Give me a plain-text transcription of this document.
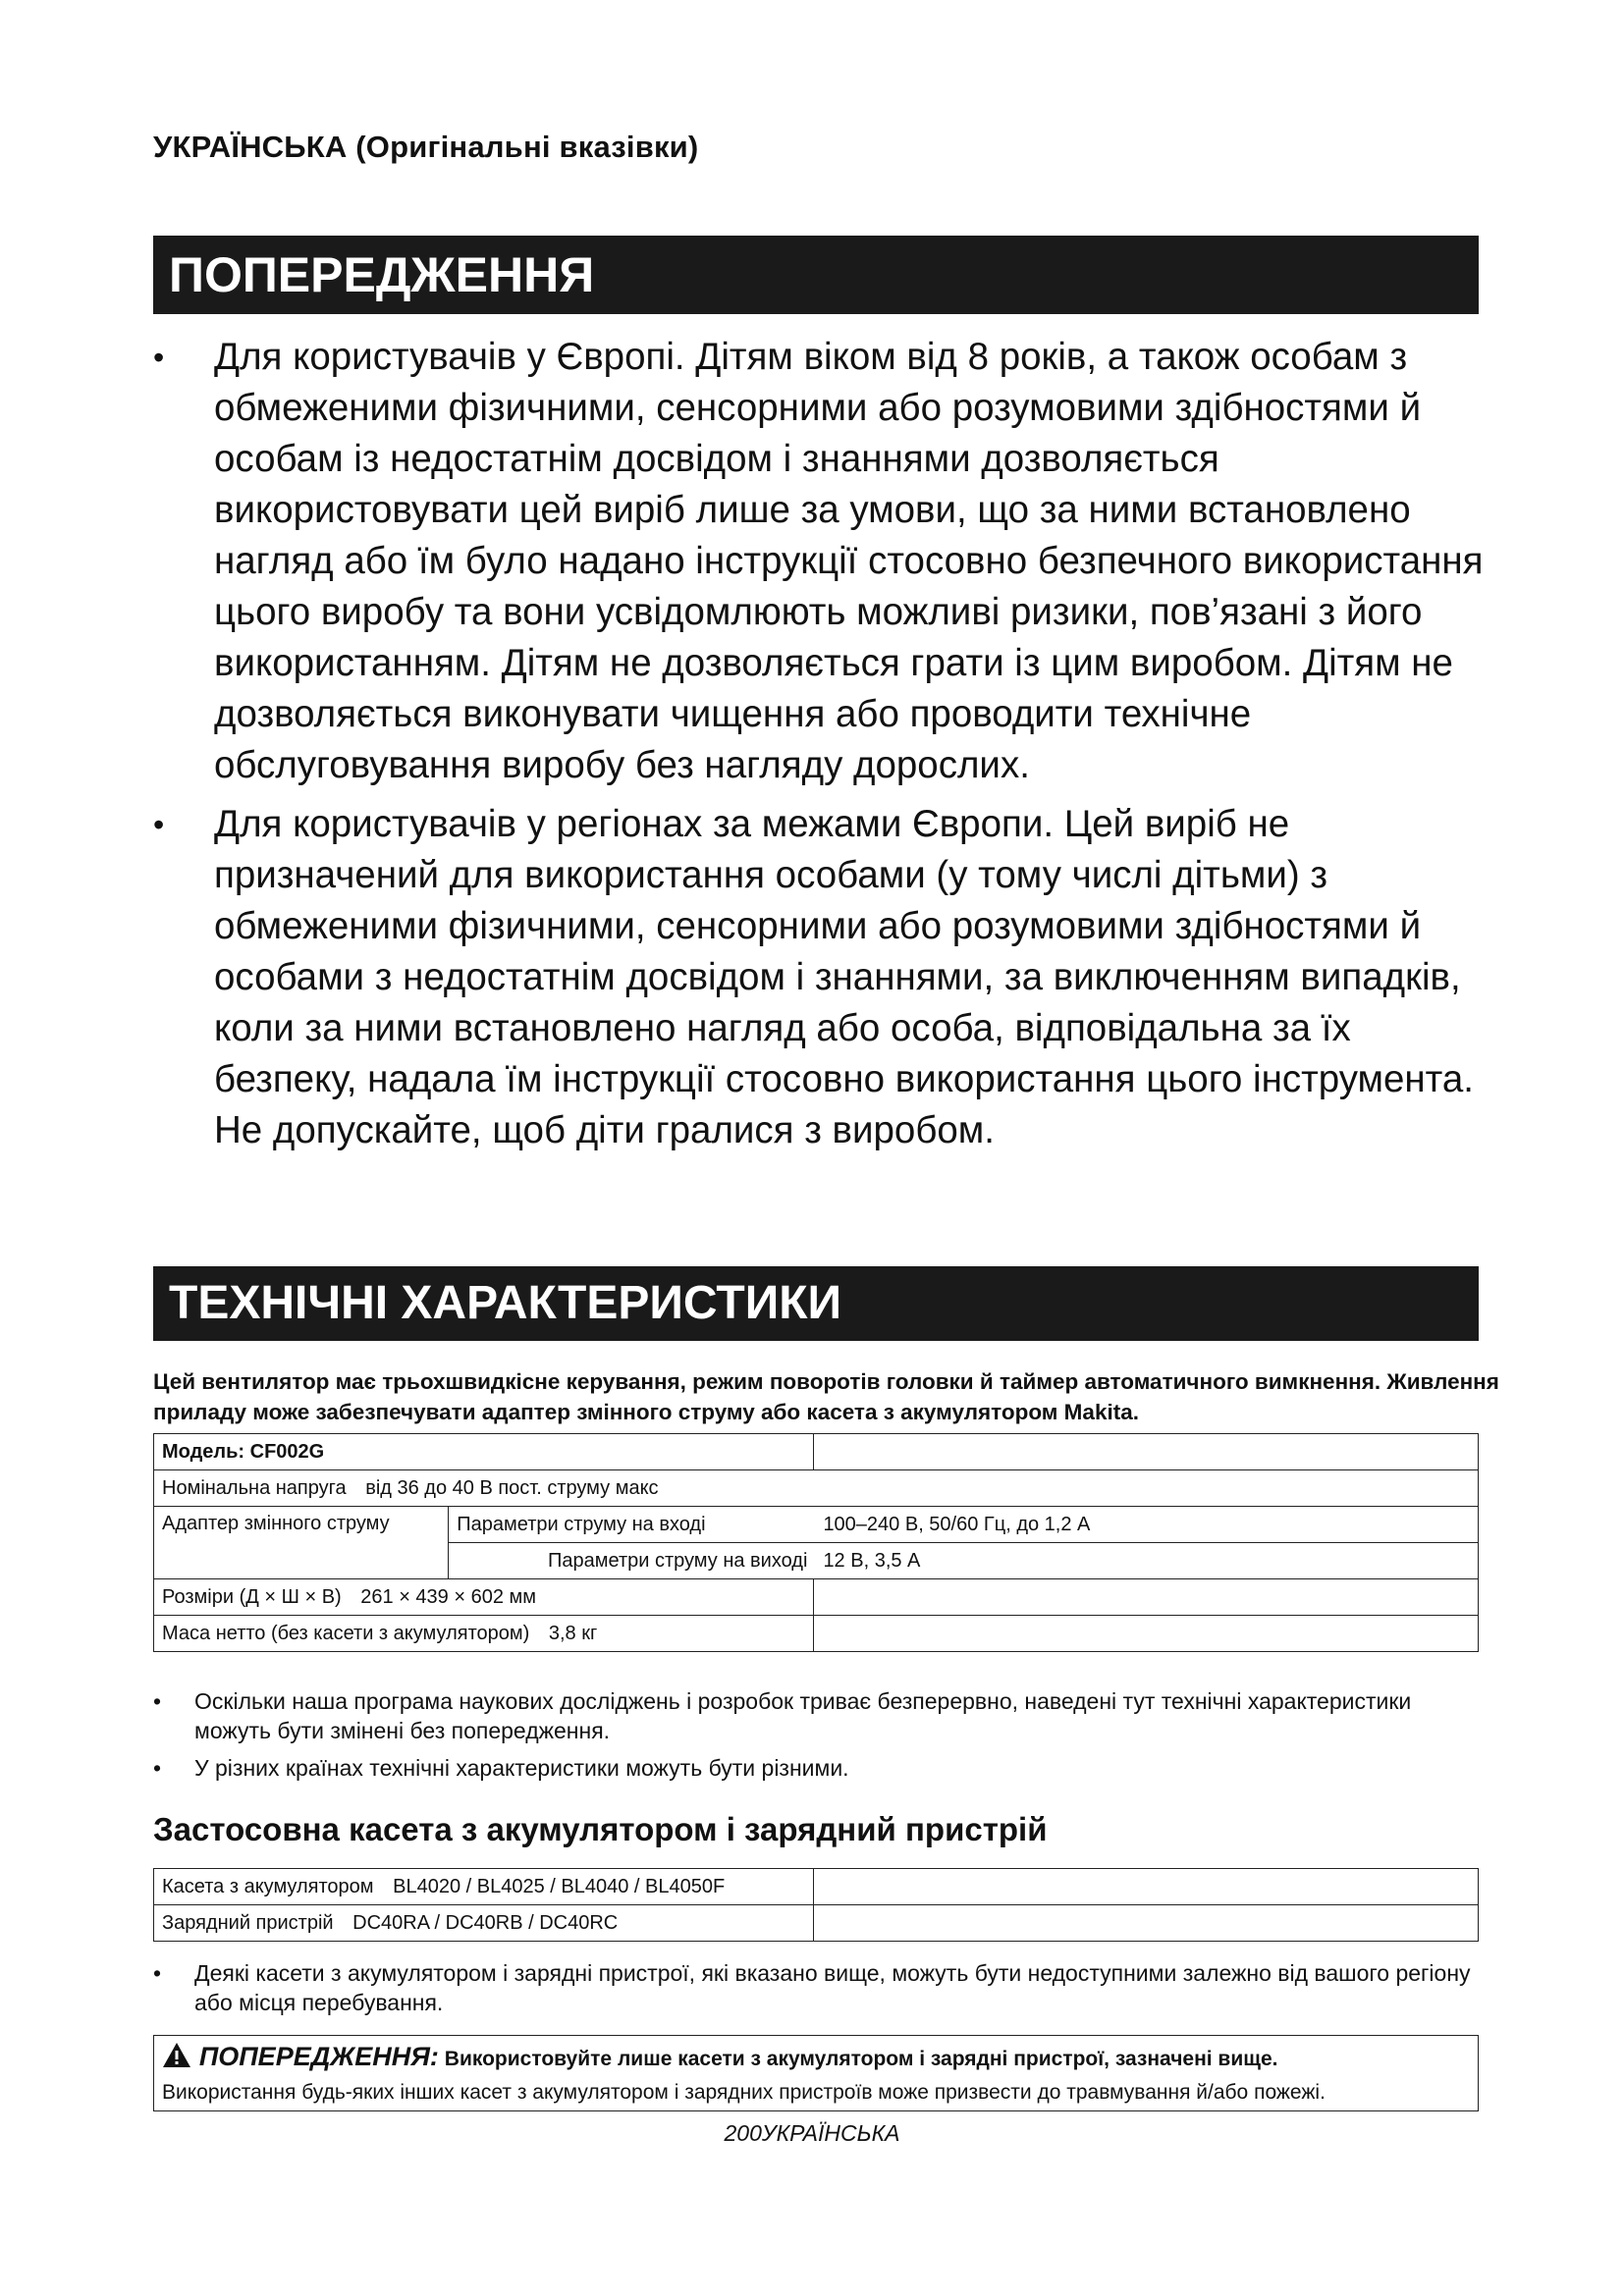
УКРАЇНСЬКА (Оригінальні вказівки)
ПОПЕРЕДЖЕННЯ
• Для користувачів у Європі. Дітям віком від 8 років, а також особам з обмеженими фізичними, сенсорними або розумовими здібностями й особам із недостатнім досвідом і знаннями дозволяється використовувати цей виріб лише за умови, що за ними встановлено нагляд або їм було надано інструкції стосовно безпечного використання цього виробу та вони усвідомлюють можливі ризики, пов’язані з його використанням. Дітям не дозволяється грати із цим виробом. Дітям не дозволяється виконувати чищення або проводити технічне обслуговування виробу без нагляду дорослих.
• Для користувачів у регіонах за межами Європи. Цей виріб не призначений для використання особами (у тому числі дітьми) з обмеженими фізичними, сенсорними або розумовими здібностями й особами з недостатнім досвідом і знаннями, за виключенням випадків, коли за ними встановлено нагляд або особа, відповідальна за їх безпеку, надала їм інструкції стосовно використання цього інструмента. Не допускайте, щоб діти гралися з виробом.
ТЕХНІЧНІ ХАРАКТЕРИСТИКИ
Цей вентилятор має трьохшвидкісне керування, режим поворотів головки й таймер автоматичного вимкнення. Живлення приладу може забезпечувати адаптер змінного струму або касета з акумулятором Makita.
Модель: CF002G	
Номінальна напруга від 36 до 40 В пост. струму макс

Адаптер змінного струму	Параметри струму на вході	100–240 В, 50/60 Гц, до 1,2 А
Параметри струму на виході	12 В, 3,5 А

Розміри (Д × Ш × В) 261 × 439 × 602 мм	
Маса нетто (без касети з акумулятором) 3,8 кг	
• Оскільки наша програма наукових досліджень і розробок триває безперервно, наведені тут технічні характеристики можуть бути змінені без попередження.
• У різних країнах технічні характеристики можуть бути різними.
Застосовна касета з акумулятором і зарядний пристрій
Касета з акумулятором BL4020 / BL4025 / BL4040 / BL4050F	
Зарядний пристрій DC40RA / DC40RB / DC40RC	
• Деякі касети з акумулятором і зарядні пристрої, які вказано вище, можуть бути недоступними залежно від вашого регіону або місця перебування.
ПОПЕРЕДЖЕННЯ: Використовуйте лише касети з акумулятором і зарядні пристрої, зазначені вище.
Використання будь-яких інших касет з акумулятором і зарядних пристроїв може призвести до травмування й/або пожежі.
200УКРАЇНСЬКА
